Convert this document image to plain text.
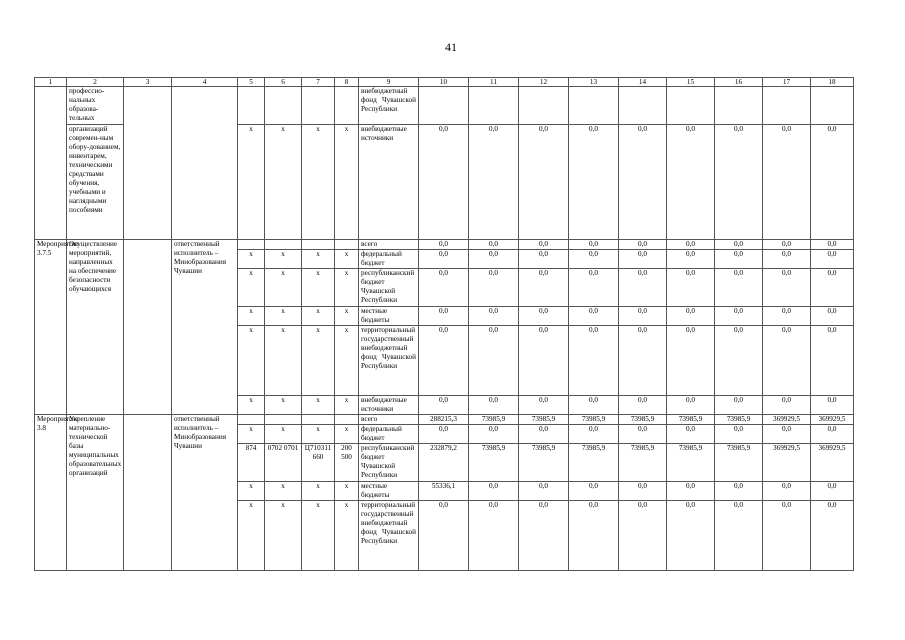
41
1	2	3	4	5	6	7	8	9	10	11	12	13	14	15	16	17	18
	профессио-нальных образова-тельных							внебюджетный фонд Чувашской Республики									
	организаций современ-ным обору-дованием, инвентарем, техническими средствами обучения, учебными и наглядными пособиями			x	x	x	x	внебюджетные источники	0,0	0,0	0,0	0,0	0,0	0,0	0,0	0,0	0,0
Мероприятие 3.7.5	Осуществление мероприятий, направленных на обеспечение безопасности обучающихся		ответственный исполнитель – Минобразования Чувашии					всего	0,0	0,0	0,0	0,0	0,0	0,0	0,0	0,0	0,0
				x	x	x	x	федеральный бюджет	0,0	0,0	0,0	0,0	0,0	0,0	0,0	0,0	0,0
				x	x	x	x	республиканский бюджет Чувашской Республики	0,0	0,0	0,0	0,0	0,0	0,0	0,0	0,0	0,0
				x	x	x	x	местные бюджеты	0,0	0,0	0,0	0,0	0,0	0,0	0,0	0,0	0,0
				x	x	x	x	территориальный государственный внебюджетный фонд Чувашской Республики	0,0	0,0	0,0	0,0	0,0	0,0	0,0	0,0	0,0
				x	x	x	x	внебюджетные источники	0,0	0,0	0,0	0,0	0,0	0,0	0,0	0,0	0,0
Мероприятие 3.8	Укрепление материально-технической базы муниципальных образовательных организаций		ответственный исполнитель – Минобразования Чувашии					всего	288215,3	73985,9	73985,9	73985,9	73985,9	73985,9	73985,9	369929,5	369929,5
				x	x	x	x	федеральный бюджет	0,0	0,0	0,0	0,0	0,0	0,0	0,0	0,0	0,0
				874	0702 0701	Ц710311 660	200 500	республиканский бюджет Чувашской Республики	232879,2	73985,9	73985,9	73985,9	73985,9	73985,9	73985,9	369929,5	369929,5
				x	x	x	x	местные бюджеты	55336,1	0,0	0,0	0,0	0,0	0,0	0,0	0,0	0,0
				x	x	x	x	территориальный государственный внебюджетный фонд Чувашской Республики	0,0	0,0	0,0	0,0	0,0	0,0	0,0	0,0	0,0
